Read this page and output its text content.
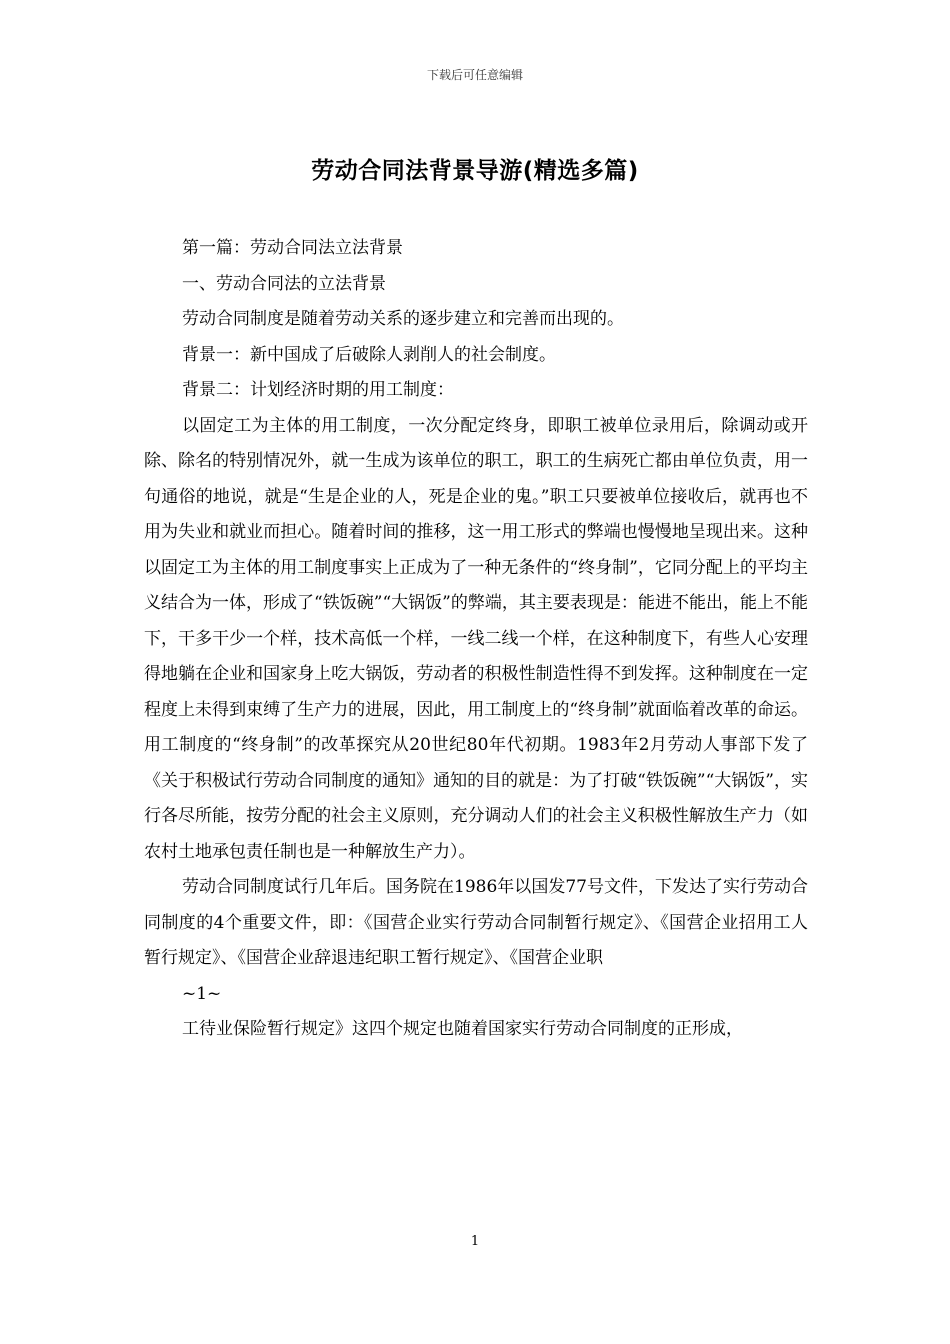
下载后可任意编辑
劳动合同法背景导游(精选多篇)

第一篇：劳动合同法立法背景

一、劳动合同法的立法背景

劳动合同制度是随着劳动关系的逐步建立和完善而出现的。

背景一：新中国成了后破除人剥削人的社会制度。

背景二：计划经济时期的用工制度：

以固定工为主体的用工制度，一次分配定终身，即职工被单位录用后，除调动或开除、除名的特别情况外，就一生成为该单位的职工，职工的生病死亡都由单位负责，用一句通俗的地说，就是“生是企业的人，死是企业的鬼。”职工只要被单位接收后，就再也不用为失业和就业而担心。随着时间的推移，这一用工形式的弊端也慢慢地呈现出来。这种以固定工为主体的用工制度事实上正成为了一种无条件的“终身制”，它同分配上的平均主义结合为一体，形成了“铁饭碗”“大锅饭”的弊端，其主要表现是：能进不能出，能上不能下，干多干少一个样，技术高低一个样，一线二线一个样，在这种制度下，有些人心安理得地躺在企业和国家身上吃大锅饭，劳动者的积极性制造性得不到发挥。这种制度在一定程度上未得到束缚了生产力的进展，因此，用工制度上的“终身制”就面临着改革的命运。用工制度的“终身制”的改革探究从20世纪80年代初期。1983年2月劳动人事部下发了《关于积极试行劳动合同制度的通知》通知的目的就是：为了打破“铁饭碗”“大锅饭”，实行各尽所能，按劳分配的社会主义原则，充分调动人们的社会主义积极性解放生产力（如农村土地承包责任制也是一种解放生产力）。

劳动合同制度试行几年后。国务院在1986年以国发77号文件，下发达了实行劳动合同制度的4个重要文件，即：《国营企业实行劳动合同制暂行规定》、《国营企业招用工人暂行规定》、《国营企业辞退违纪职工暂行规定》、《国营企业职

~1~

工待业保险暂行规定》这四个规定也随着国家实行劳动合同制度的正形成，

1
